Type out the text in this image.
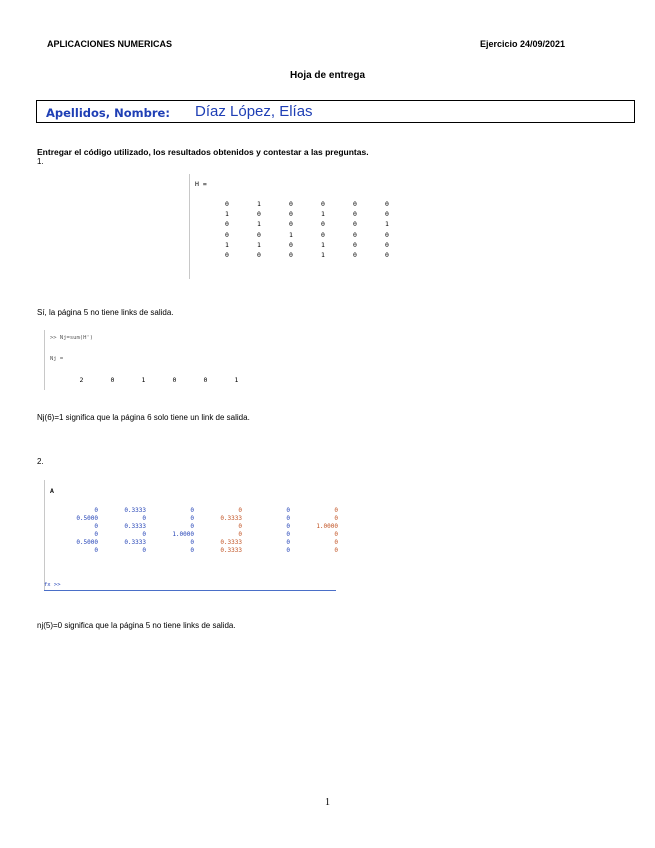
APLICACIONES NUMERICAS	Ejercicio 24/09/2021
Hoja de entrega
Apellidos, Nombre: Díaz López, Elías
Entregar el código utilizado, los resultados obtenidos y contestar a las preguntas.
1.
H =
0	1	0	0	0	0
1	0	0	1	0	0
0	1	0	0	0	1
0	0	1	0	0	0
1	1	0	1	0	0
0	0	0	1	0	0
Sí, la página 5 no tiene links de salida.
>> Nj=sum(H')
Nj =
2	0	1	0	0	1
Nj(6)=1 significa que la página 6 solo tiene un link de salida.
2.
A
0	0.3333	0	0	0	0
0.5000	0	0	0.3333	0	0
0	0.3333	0	0	0	1.0000
0	0	1.0000	0	0	0
0.5000	0.3333	0	0.3333	0	0
0	0	0	0.3333	0	0
fx >>
nj(5)=0 significa que la página 5 no tiene links de salida.
1
